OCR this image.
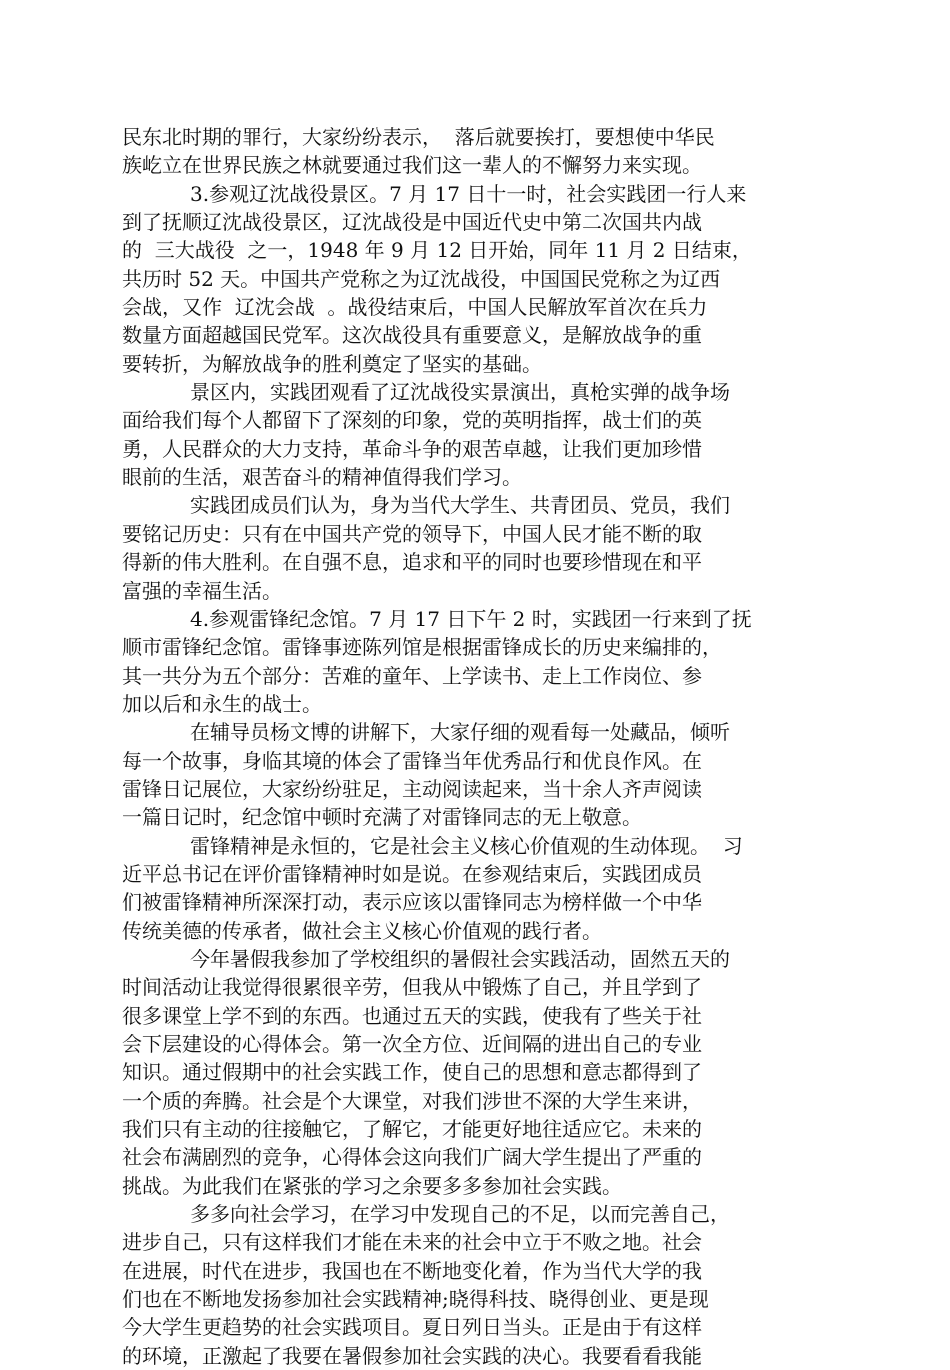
民东北时期的罪行，大家纷纷表示，  落后就要挨打，要想使中华民
族屹立在世界民族之林就要通过我们这一辈人的不懈努力来实现。
3.参观辽沈战役景区。7 月 17 日十一时，社会实践团一行人来
到了抚顺辽沈战役景区，辽沈战役是中国近代史中第二次国共内战
的  三大战役  之一，1948 年 9 月 12 日开始，同年 11 月 2 日结束，
共历时 52 天。中国共产党称之为辽沈战役，中国国民党称之为辽西
会战，又作  辽沈会战  。战役结束后，中国人民解放军首次在兵力
数量方面超越国民党军。这次战役具有重要意义，是解放战争的重
要转折，为解放战争的胜利奠定了坚实的基础。
景区内，实践团观看了辽沈战役实景演出，真枪实弹的战争场
面给我们每个人都留下了深刻的印象，党的英明指挥，战士们的英
勇，人民群众的大力支持，革命斗争的艰苦卓越，让我们更加珍惜
眼前的生活，艰苦奋斗的精神值得我们学习。
实践团成员们认为，身为当代大学生、共青团员、党员，我们
要铭记历史：只有在中国共产党的领导下，中国人民才能不断的取
得新的伟大胜利。在自强不息，追求和平的同时也要珍惜现在和平
富强的幸福生活。
4.参观雷锋纪念馆。7 月 17 日下午 2 时，实践团一行来到了抚
顺市雷锋纪念馆。雷锋事迹陈列馆是根据雷锋成长的历史来编排的，
其一共分为五个部分：苦难的童年、上学读书、走上工作岗位、参
加以后和永生的战士。
在辅导员杨文博的讲解下，大家仔细的观看每一处藏品，倾听
每一个故事，身临其境的体会了雷锋当年优秀品行和优良作风。在
雷锋日记展位，大家纷纷驻足，主动阅读起来，当十余人齐声阅读
一篇日记时，纪念馆中顿时充满了对雷锋同志的无上敬意。
雷锋精神是永恒的，它是社会主义核心价值观的生动体现。  习
近平总书记在评价雷锋精神时如是说。在参观结束后，实践团成员
们被雷锋精神所深深打动，表示应该以雷锋同志为榜样做一个中华
传统美德的传承者，做社会主义核心价值观的践行者。
今年暑假我参加了学校组织的暑假社会实践活动，固然五天的
时间活动让我觉得很累很辛劳，但我从中锻炼了自己，并且学到了
很多课堂上学不到的东西。也通过五天的实践，使我有了些关于社
会下层建设的心得体会。第一次全方位、近间隔的进出自己的专业
知识。通过假期中的社会实践工作，使自己的思想和意志都得到了
一个质的奔腾。社会是个大课堂，对我们涉世不深的大学生来讲，
我们只有主动的往接触它，了解它，才能更好地往适应它。未来的
社会布满剧烈的竞争，心得体会这向我们广阔大学生提出了严重的
挑战。为此我们在紧张的学习之余要多多参加社会实践。
多多向社会学习，在学习中发现自己的不足，以而完善自己，
进步自己，只有这样我们才能在未来的社会中立于不败之地。社会
在进展，时代在进步，我国也在不断地变化着，作为当代大学的我
们也在不断地发扬参加社会实践精神;晓得科技、晓得创业、更是现
今大学生更趋势的社会实践项目。夏日列日当头。正是由于有这样
的环境，正激起了我要在暑假参加社会实践的决心。我要看看我能
